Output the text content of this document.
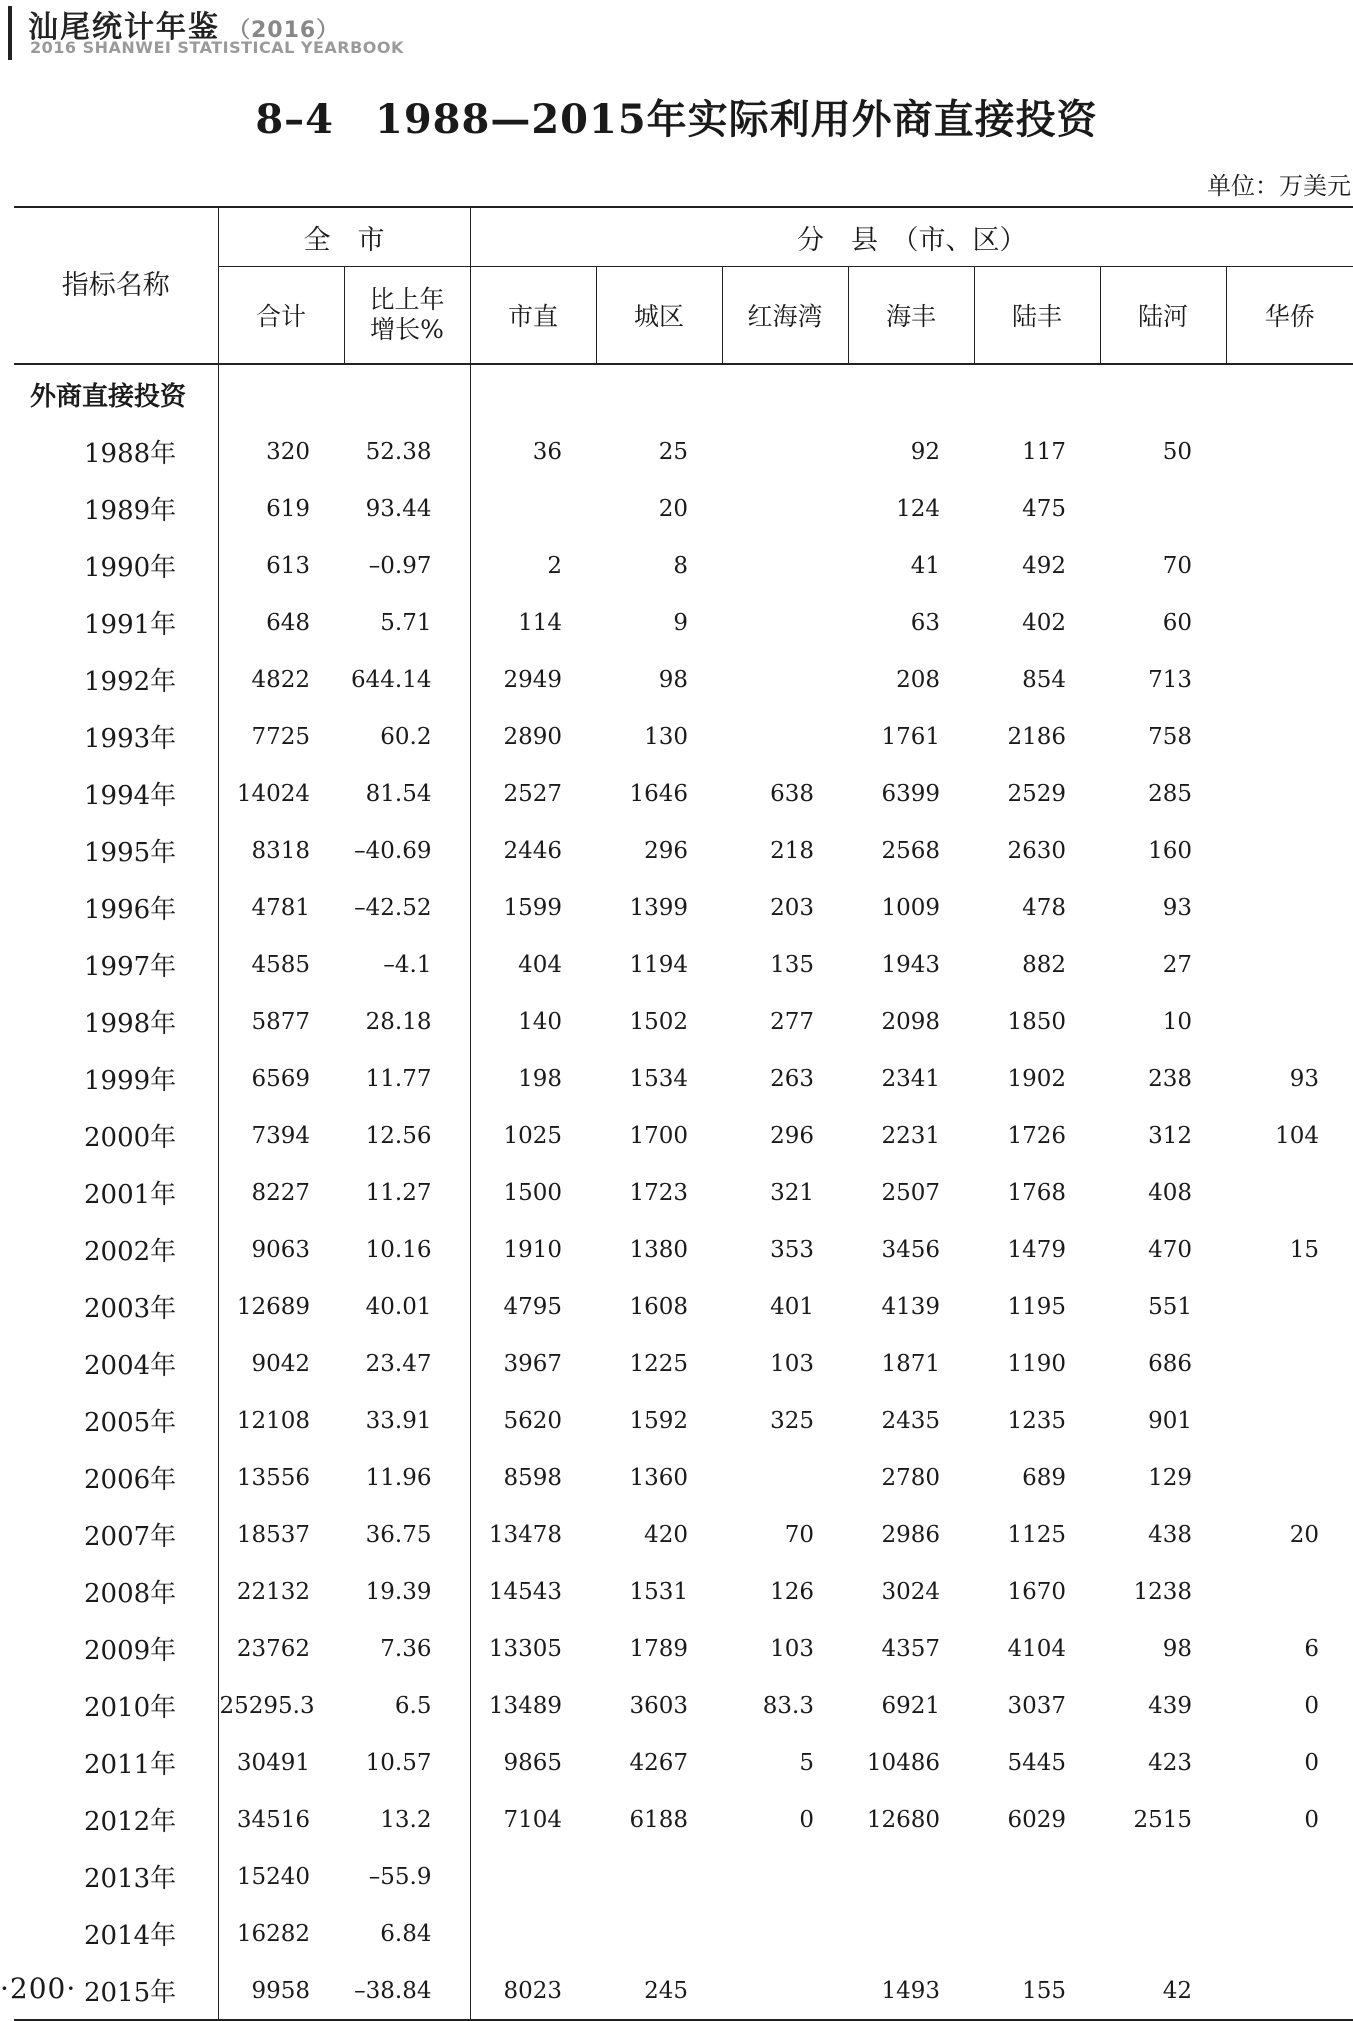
汕尾统计年鉴 （2016）
2016 SHANWEI STATISTICAL YEARBOOK
8–4　1988—2015年实际利用外商直接投资
单位：万美元
指标名称	全　市		分　县　（市、区）						
	合计	比上年
增长%	市直	城区	红海湾	海丰	陆丰	陆河	华侨
外商直接投资									
1988年	320	52.38	36	25		92	117	50	
1989年	619	93.44		20		124	475		
1990年	613	–0.97	2	8		41	492	70	
1991年	648	5.71	114	9		63	402	60	
1992年	4822	644.14	2949	98		208	854	713	
1993年	7725	60.2	2890	130		1761	2186	758	
1994年	14024	81.54	2527	1646	638	6399	2529	285	
1995年	8318	–40.69	2446	296	218	2568	2630	160	
1996年	4781	–42.52	1599	1399	203	1009	478	93	
1997年	4585	–4.1	404	1194	135	1943	882	27	
1998年	5877	28.18	140	1502	277	2098	1850	10	
1999年	6569	11.77	198	1534	263	2341	1902	238	93
2000年	7394	12.56	1025	1700	296	2231	1726	312	104
2001年	8227	11.27	1500	1723	321	2507	1768	408	
2002年	9063	10.16	1910	1380	353	3456	1479	470	15
2003年	12689	40.01	4795	1608	401	4139	1195	551	
2004年	9042	23.47	3967	1225	103	1871	1190	686	
2005年	12108	33.91	5620	1592	325	2435	1235	901	
2006年	13556	11.96	8598	1360		2780	689	129	
2007年	18537	36.75	13478	420	70	2986	1125	438	20
2008年	22132	19.39	14543	1531	126	3024	1670	1238	
2009年	23762	7.36	13305	1789	103	4357	4104	98	6
2010年	25295.3	6.5	13489	3603	83.3	6921	3037	439	0
2011年	30491	10.57	9865	4267	5	10486	5445	423	0
2012年	34516	13.2	7104	6188	0	12680	6029	2515	0
2013年	15240	–55.9							
2014年	16282	6.84							
2015年	9958	–38.84	8023	245		1493	155	42	
·200·
